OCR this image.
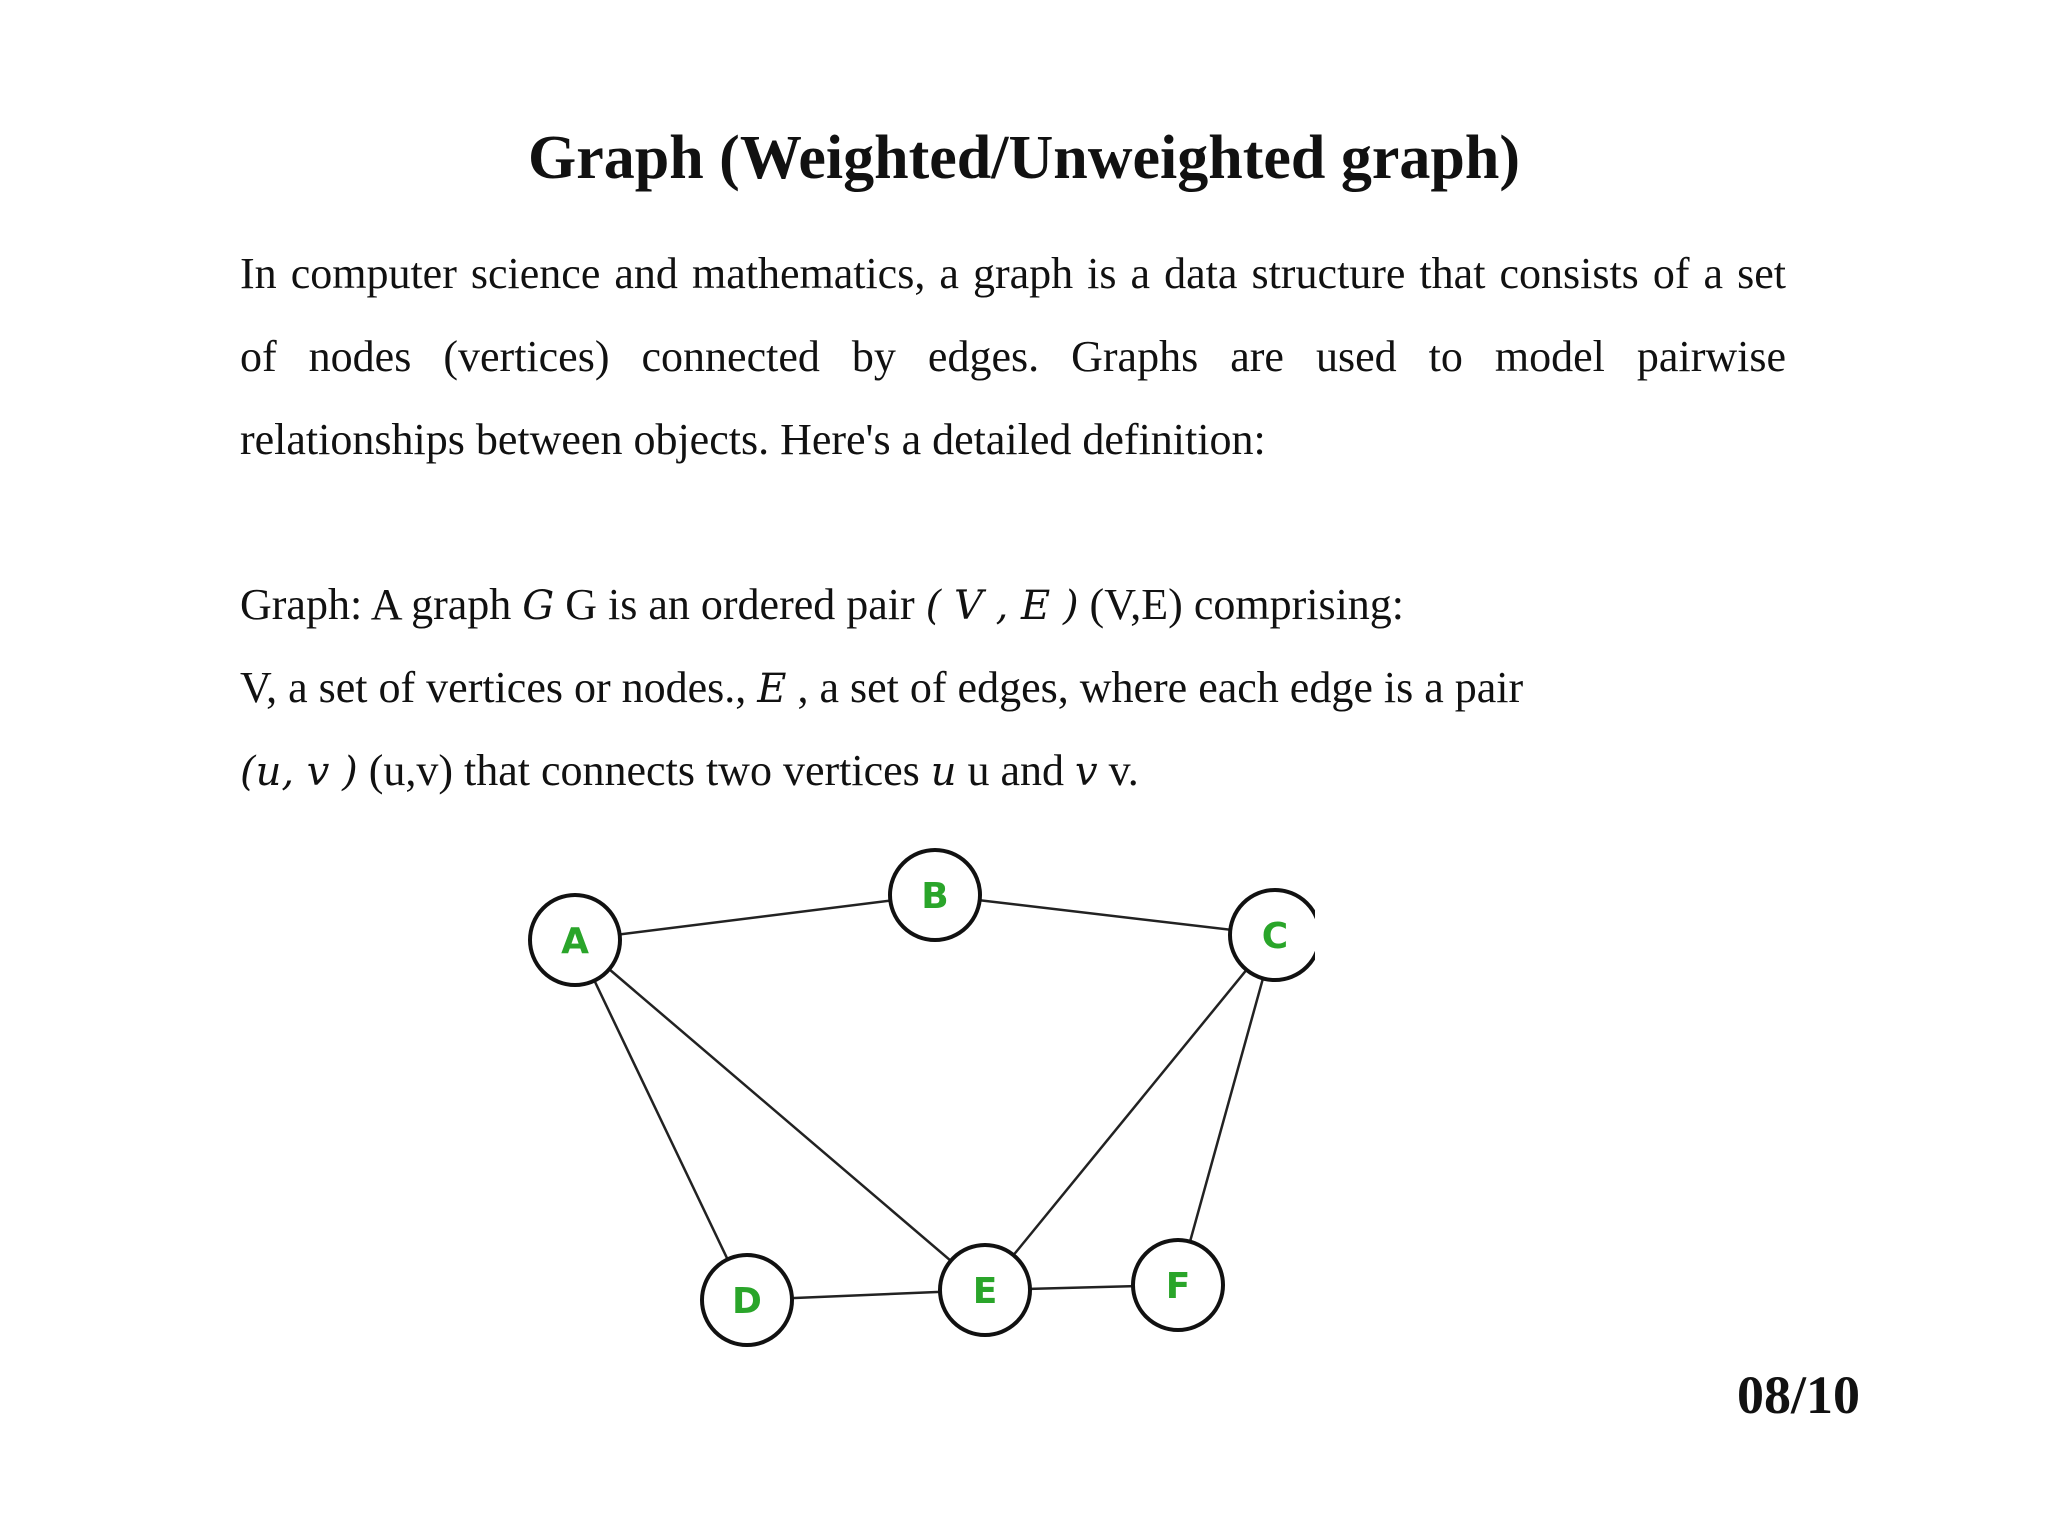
Graph (Weighted/Unweighted graph)
In computer science and mathematics, a graph is a data structure that consists of a set of nodes (vertices) connected by edges. Graphs are used to model pairwise relationships between objects. Here's a detailed definition:
Graph: A graph G G is an ordered pair ( V , E ) (V,E) comprising:
V, a set of vertices or nodes., E , a set of edges, where each edge is a pair
(u, v ) (u,v) that connects two vertices u u and v v.
A
B
C
D	E	F
08/10
